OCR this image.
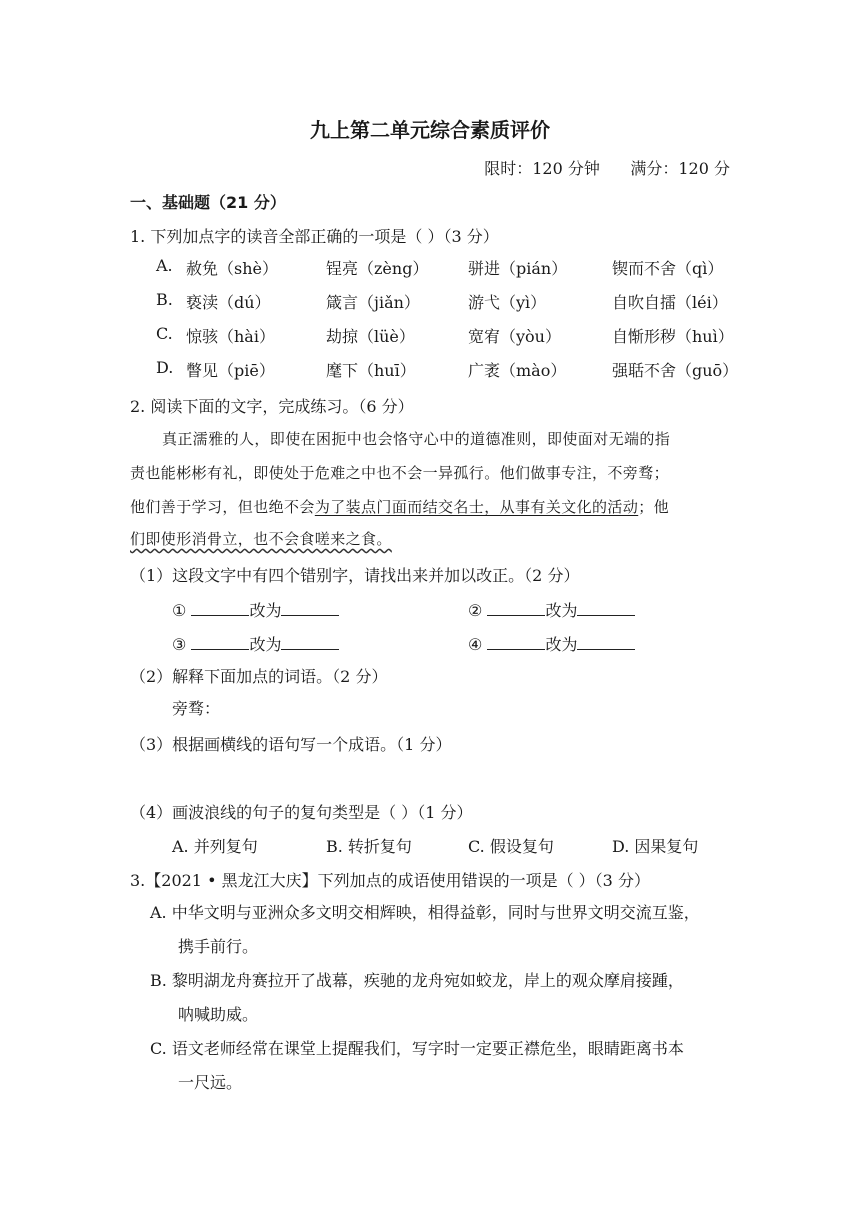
九上第二单元综合素质评价
限时：120 分钟 满分：120 分
一、基础题（21 分）
1. 下列加点字的读音全部正确的一项是（ ）（3 分）
A. 赦免（shè）	锃亮（zèng） 骈进（pián）	锲而不舍（qì）
B. 亵渎（dú）	箴言（jiǎn）	游弋（yì）	自吹自擂（léi）
C. 惊骇（hài）	劫掠（lüè）	宽宥（yòu）	自惭形秽（huì）
D. 瞥见（piē）	麾下（huī）	广袤（mào）	强聒不舍（guō）
2. 阅读下面的文字，完成练习。（6 分）
真正濡雅的人，即使在困扼中也会恪守心中的道德准则，即使面对无端的指
责也能彬彬有礼，即使处于危难之中也不会一异孤行。他们做事专注，不旁骛；
他们善于学习，但也绝不会为了装点门面而结交名士，从事有关文化的活动；他
们即使形消骨立，也不会食嗟来之食。
（1）这段文字中有四个错别字，请找出来并加以改正。（2 分）
①	改为	②	改为
③	改为	④	改为
（2）解释下面加点的词语。（2 分）
旁骛：
（3）根据画横线的语句写一个成语。（1 分）
（4）画波浪线的句子的复句类型是（ ）（1 分）
A. 并列复句	B. 转折复句	C. 假设复句	D. 因果复句
3.【2021 • 黑龙江大庆】下列加点的成语使用错误的一项是（ ）（3 分）
A. 中华文明与亚洲众多文明交相辉映，相得益彰，同时与世界文明交流互鉴，
携手前行。
B. 黎明湖龙舟赛拉开了战幕，疾驰的龙舟宛如蛟龙，岸上的观众摩肩接踵，
呐喊助威。
C. 语文老师经常在课堂上提醒我们，写字时一定要正襟危坐，眼睛距离书本
一尺远。
